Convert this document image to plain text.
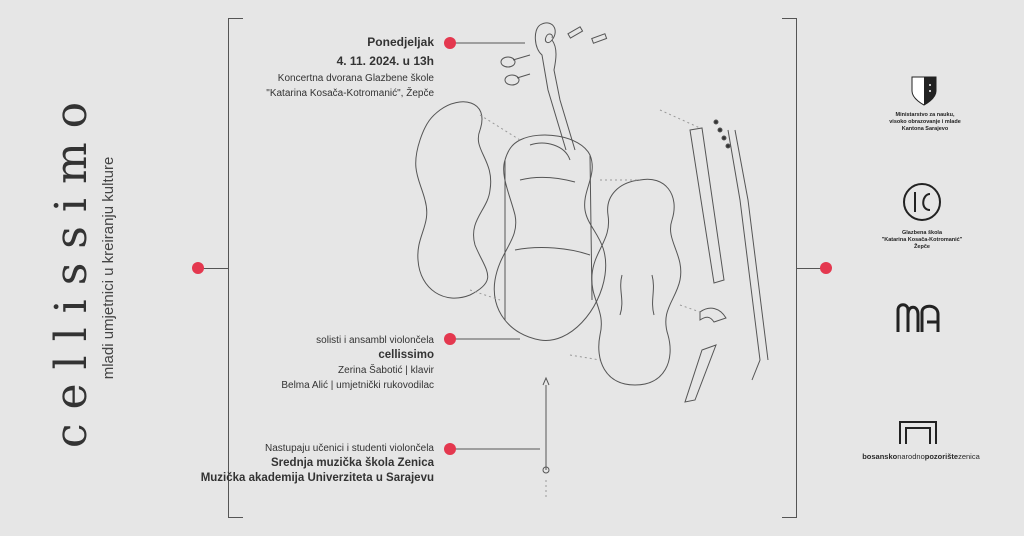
cellissimo mladi umjetnici u kreiranju kulture
Ponedjeljak
4. 11. 2024. u 13h
Koncertna dvorana Glazbene škole
"Katarina Kosača-Kotromanić", Žepče
solisti i ansambl violončela
cellissimo
Zerina Šabotić | klavir
Belma Alić | umjetnički rukovodilac
Nastupaju učenici i studenti violončela
Srednja muzička škola Zenica
Muzička akademija Univerziteta u Sarajevu
Ministarstvo za nauku,
visoko obrazovanje i mlade
Kantona Sarajevo
Glazbena škola
"Katarina Kosača-Kotromanić"
Žepče
bosanskonarodnopozorištezenica
